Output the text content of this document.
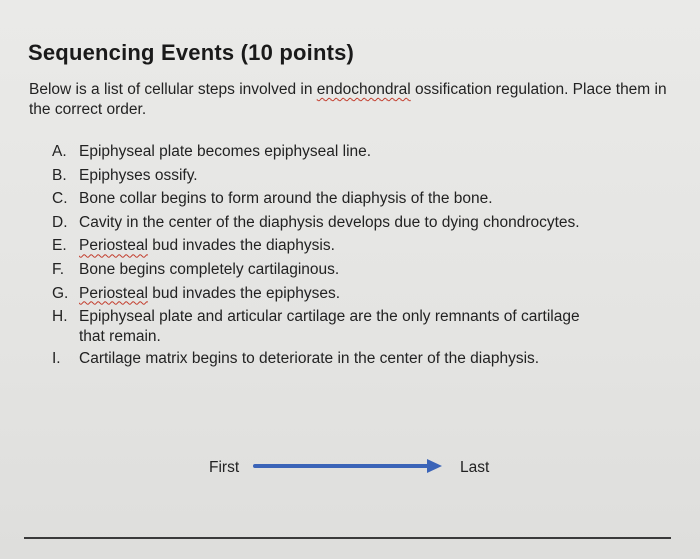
Sequencing Events (10 points)
Below is a list of cellular steps involved in endochondral ossification regulation. Place them in the correct order.
A. Epiphyseal plate becomes epiphyseal line.
B. Epiphyses ossify.
C. Bone collar begins to form around the diaphysis of the bone.
D. Cavity in the center of the diaphysis develops due to dying chondrocytes.
E. Periosteal bud invades the diaphysis.
F. Bone begins completely cartilaginous.
G. Periosteal bud invades the epiphyses.
H. Epiphyseal plate and articular cartilage are the only remnants of cartilage
that remain.
I. Cartilage matrix begins to deteriorate in the center of the diaphysis.
First	Last
